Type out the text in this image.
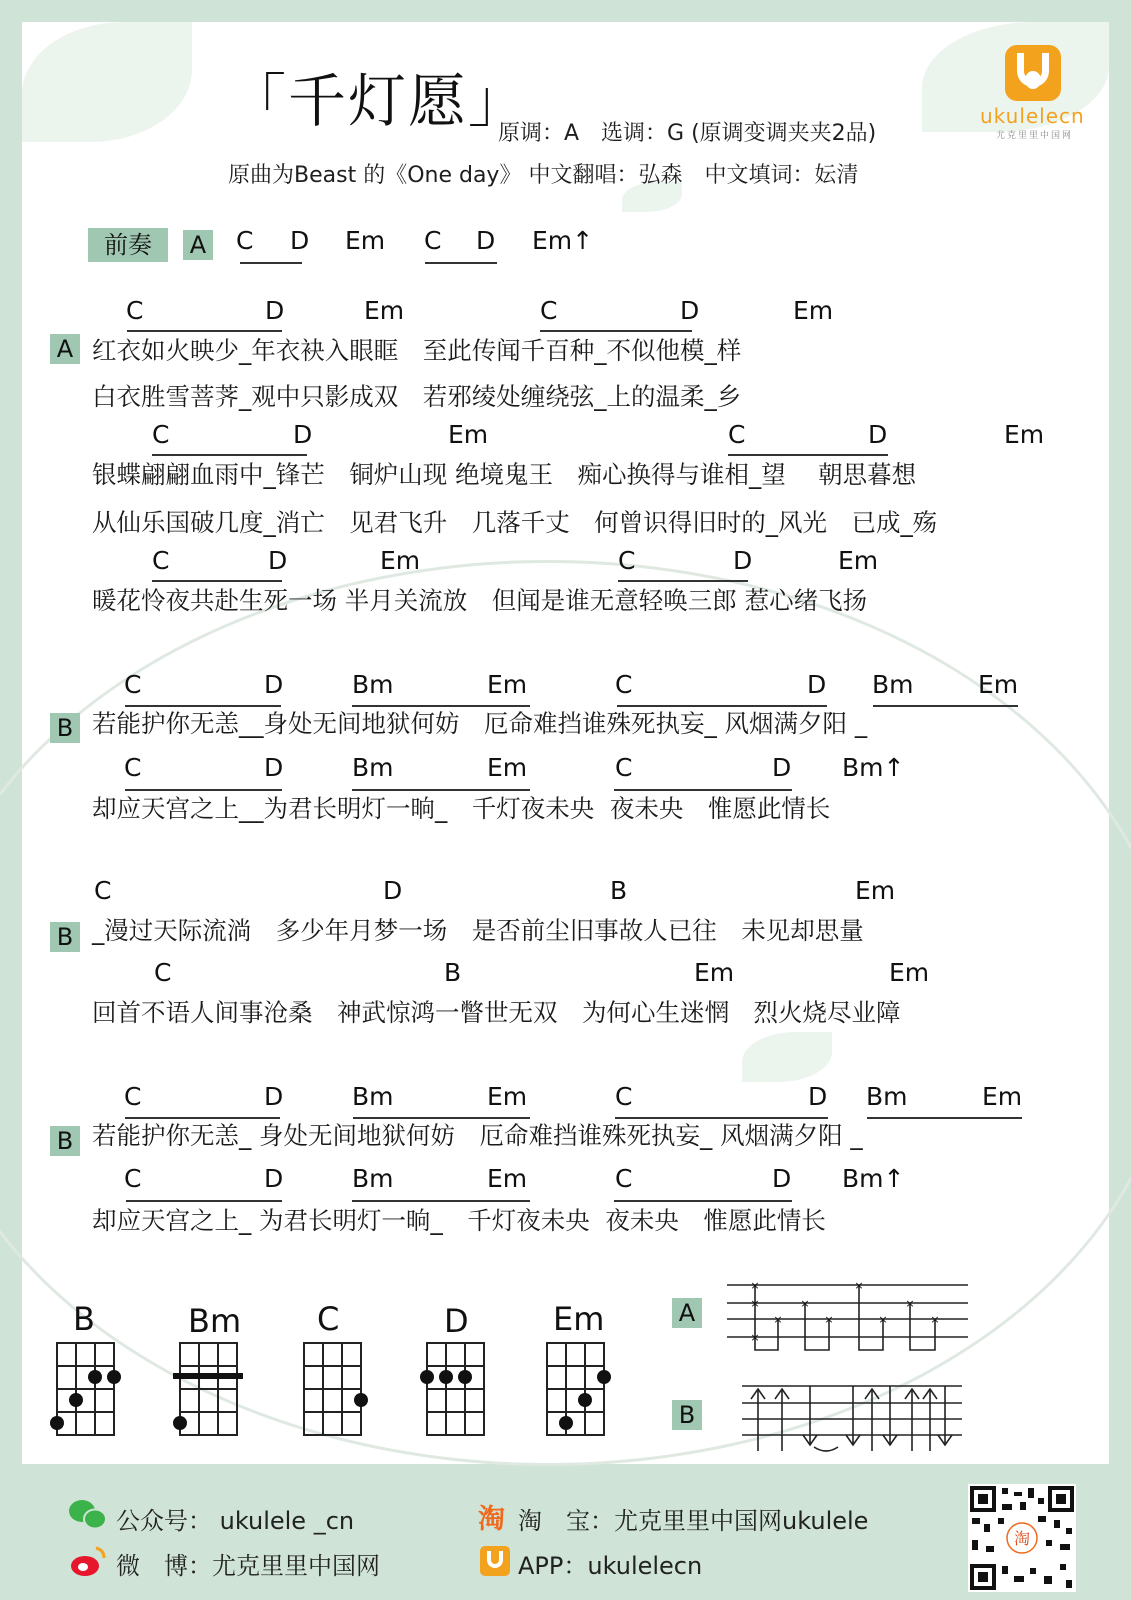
「千灯愿」
原调：A　选调：G (原调变调夹夹2品)
原曲为Beast 的《One day》 中文翻唱：弘森　中文填词：妘清
ukulelecn
尤克里里中国网
前奏	A C D Em C D Em↑
A
C	D	Em	C	D	Em
红衣如火映少_年衣袂入眼眶　至此传闻千百种_不似他模_样
白衣胜雪菩荠_观中只影成双　若邪绫处缠绕弦_上的温柔_乡
C	D	Em	C	D	Em
银蝶翩翩血雨中_锋芒　铜炉山现 绝境鬼王　痴心换得与谁相_望　 朝思暮想
从仙乐国破几度_消亡　见君飞升　几落千丈　何曾识得旧时的_风光　已成_殇
C	D	Em	C	D	Em
暖花怜夜共赴生死一场 半月关流放　但闻是谁无意轻唤三郎 惹心绪飞扬
B
C	D	Bm	Em	C	D Bm	Em
若能护你无恙__身处无间地狱何妨　厄命难挡谁殊死执妄_ 风烟满夕阳 _
C	D	Bm	Em	C	D Bm↑
却应天宫之上__为君长明灯一晌_　千灯夜未央  夜未央　惟愿此情长
B
C	D	B	Em
_漫过天际流淌　多少年月梦一场　是否前尘旧事故人已往　未见却思量
C	B	Em	Em
回首不语人间事沧桑　神武惊鸿一瞥世无双　为何心生迷惘　烈火烧尽业障
B
C	D	Bm	Em	C	D Bm	Em
若能护你无恙_ 身处无间地狱何妨　厄命难挡谁殊死执妄_ 风烟满夕阳 _
C	D	Bm	Em	C	D Bm↑
却应天宫之上_ 为君长明灯一晌_　千灯夜未央  夜未央　惟愿此情长
B	Bm C	D	Em	A
×
×
×
×
×
×
×
×
×
×
B
公众号： ukulele _cn
微　博：尤克里里中国网
淘 淘　宝：尤克里里中国网ukulele
APP：ukulelecn
淘
